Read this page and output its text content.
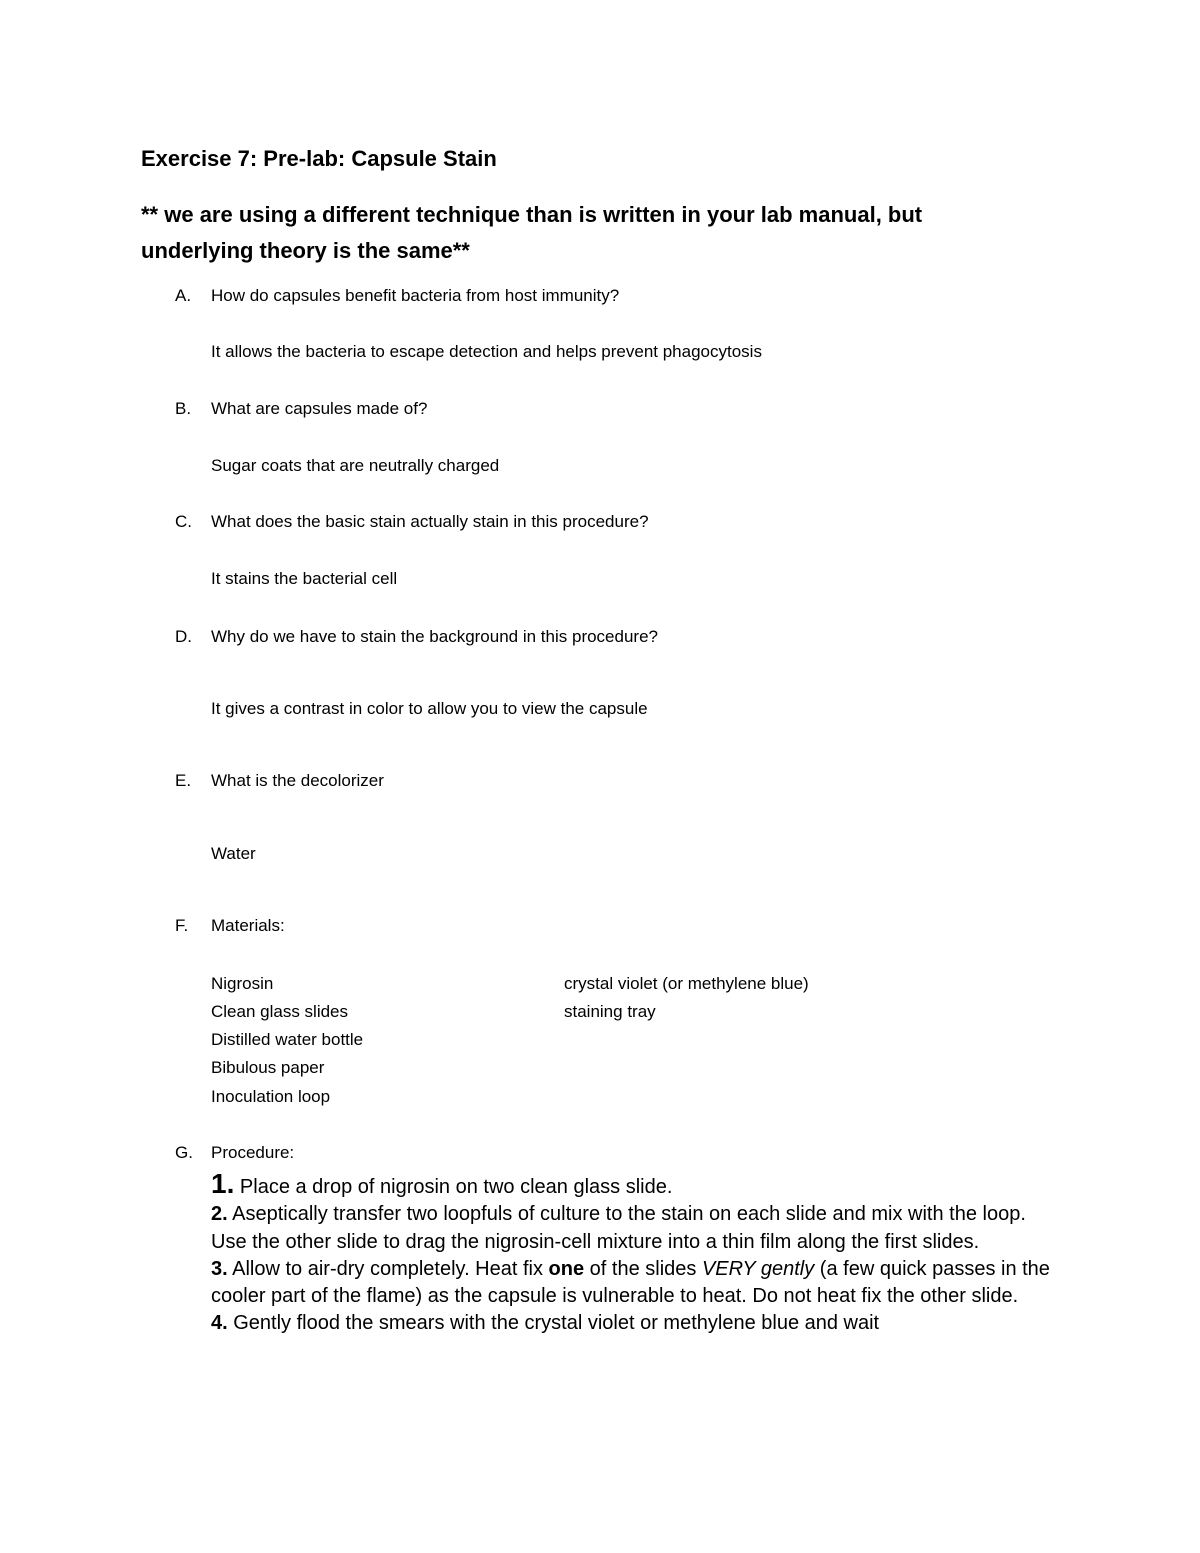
Exercise 7: Pre-lab: Capsule Stain
** we are using a different technique than is written in your lab manual, but
underlying theory is the same**
A. How do capsules benefit bacteria from host immunity?
It allows the bacteria to escape detection and helps prevent phagocytosis
B. What are capsules made of?
Sugar coats that are neutrally charged
C. What does the basic stain actually stain in this procedure?
It stains the bacterial cell
D. Why do we have to stain the background in this procedure?
It gives a contrast in color to allow you to view the capsule
E. What is the decolorizer
Water
F. Materials:
Nigrosin
Clean glass slides
Distilled water bottle
Bibulous paper
Inoculation loop
crystal violet (or methylene blue)
staining tray
G. Procedure:
1. Place a drop of nigrosin on two clean glass slide.
2. Aseptically transfer two loopfuls of culture to the stain on each slide and mix with the loop. Use the other slide to drag the nigrosin-cell mixture into a thin film along the first slides.
3. Allow to air-dry completely. Heat fix one of the slides VERY gently (a few quick passes in the cooler part of the flame) as the capsule is vulnerable to heat. Do not heat fix the other slide.
4. Gently flood the smears with the crystal violet or methylene blue and wait
